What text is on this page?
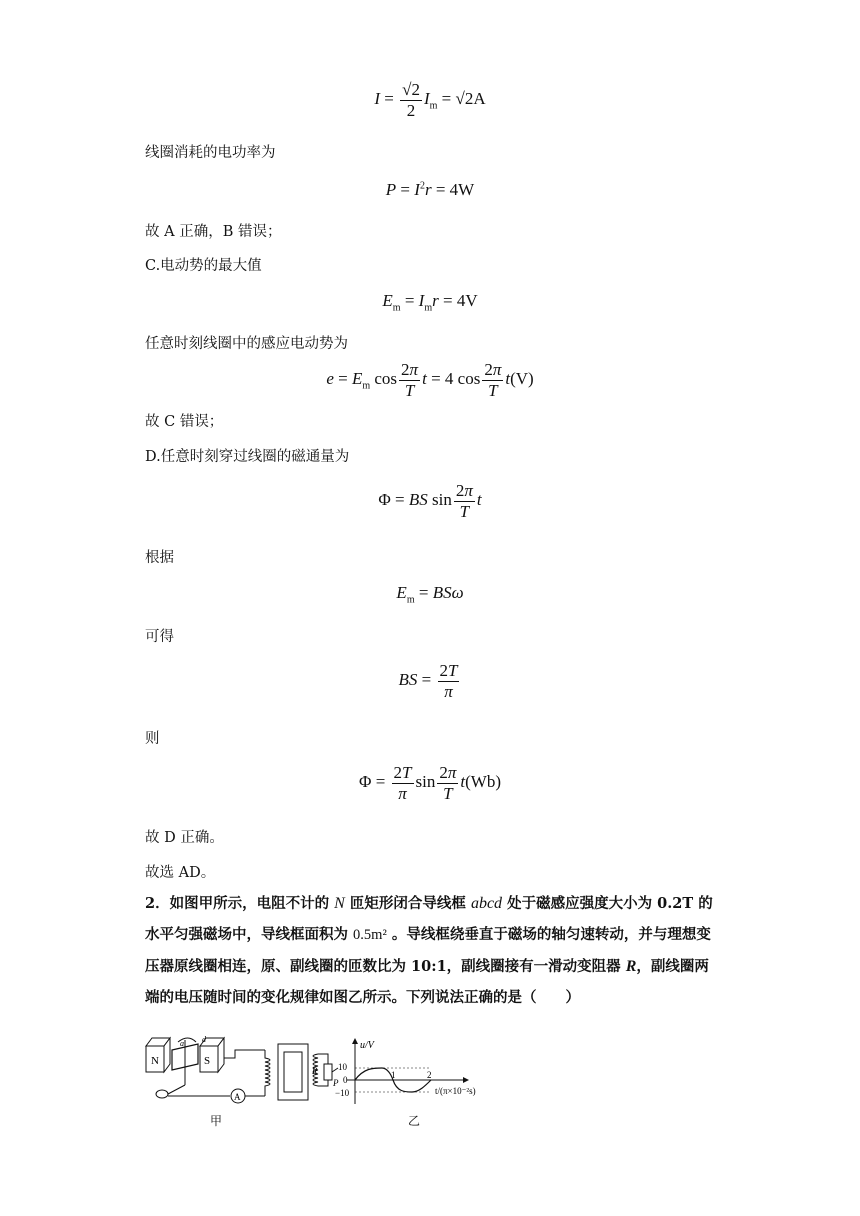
$I = \frac{√2}{2} I_m = √2A$
线圈消耗的电功率为
$P = I^2r = 4W$
故 A 正确，B 错误；
C.电动势的最大值
$E_m = I_mr = 4V$
任意时刻线圈中的感应电动势为
$e = E_m$ $\cos \frac{2\pi}{T}$ t = 4 $\cos \frac{2\pi}{T} t(V)$
故 C 错误；
D.任意时刻穿过线圈的磁通量为
Φ = BS $\sin \frac{2\pi}{T}$ t
根据
$E_m = BS\omega$
可得
BS = $\frac{2T}{\pi}$
则
$\Phi = \frac{2T}{\pi}$ $\sin \frac{2\pi}{T} t(Wb)$
故 D 正确。
故选 AD。
2．如图甲所示，电阻不计的 N 匝矩形闭合导线框 abcd 处于磁感应强度大小为 0.2T 的水平匀强磁场中，导线框面积为 0.5m² 。导线框绕垂直于磁场的轴匀速转动，并与理想变压器原线圈相连，原、副线圈的匝数比为 10:1，副线圈接有一滑动变阻器 R，副线圈两端的电压随时间的变化规律如图乙所示。下列说法正确的是（　　）
N	S
a d
A
R
P
u/V
t/(π×10⁻²s)
10
0
−10
1	2
甲	乙
